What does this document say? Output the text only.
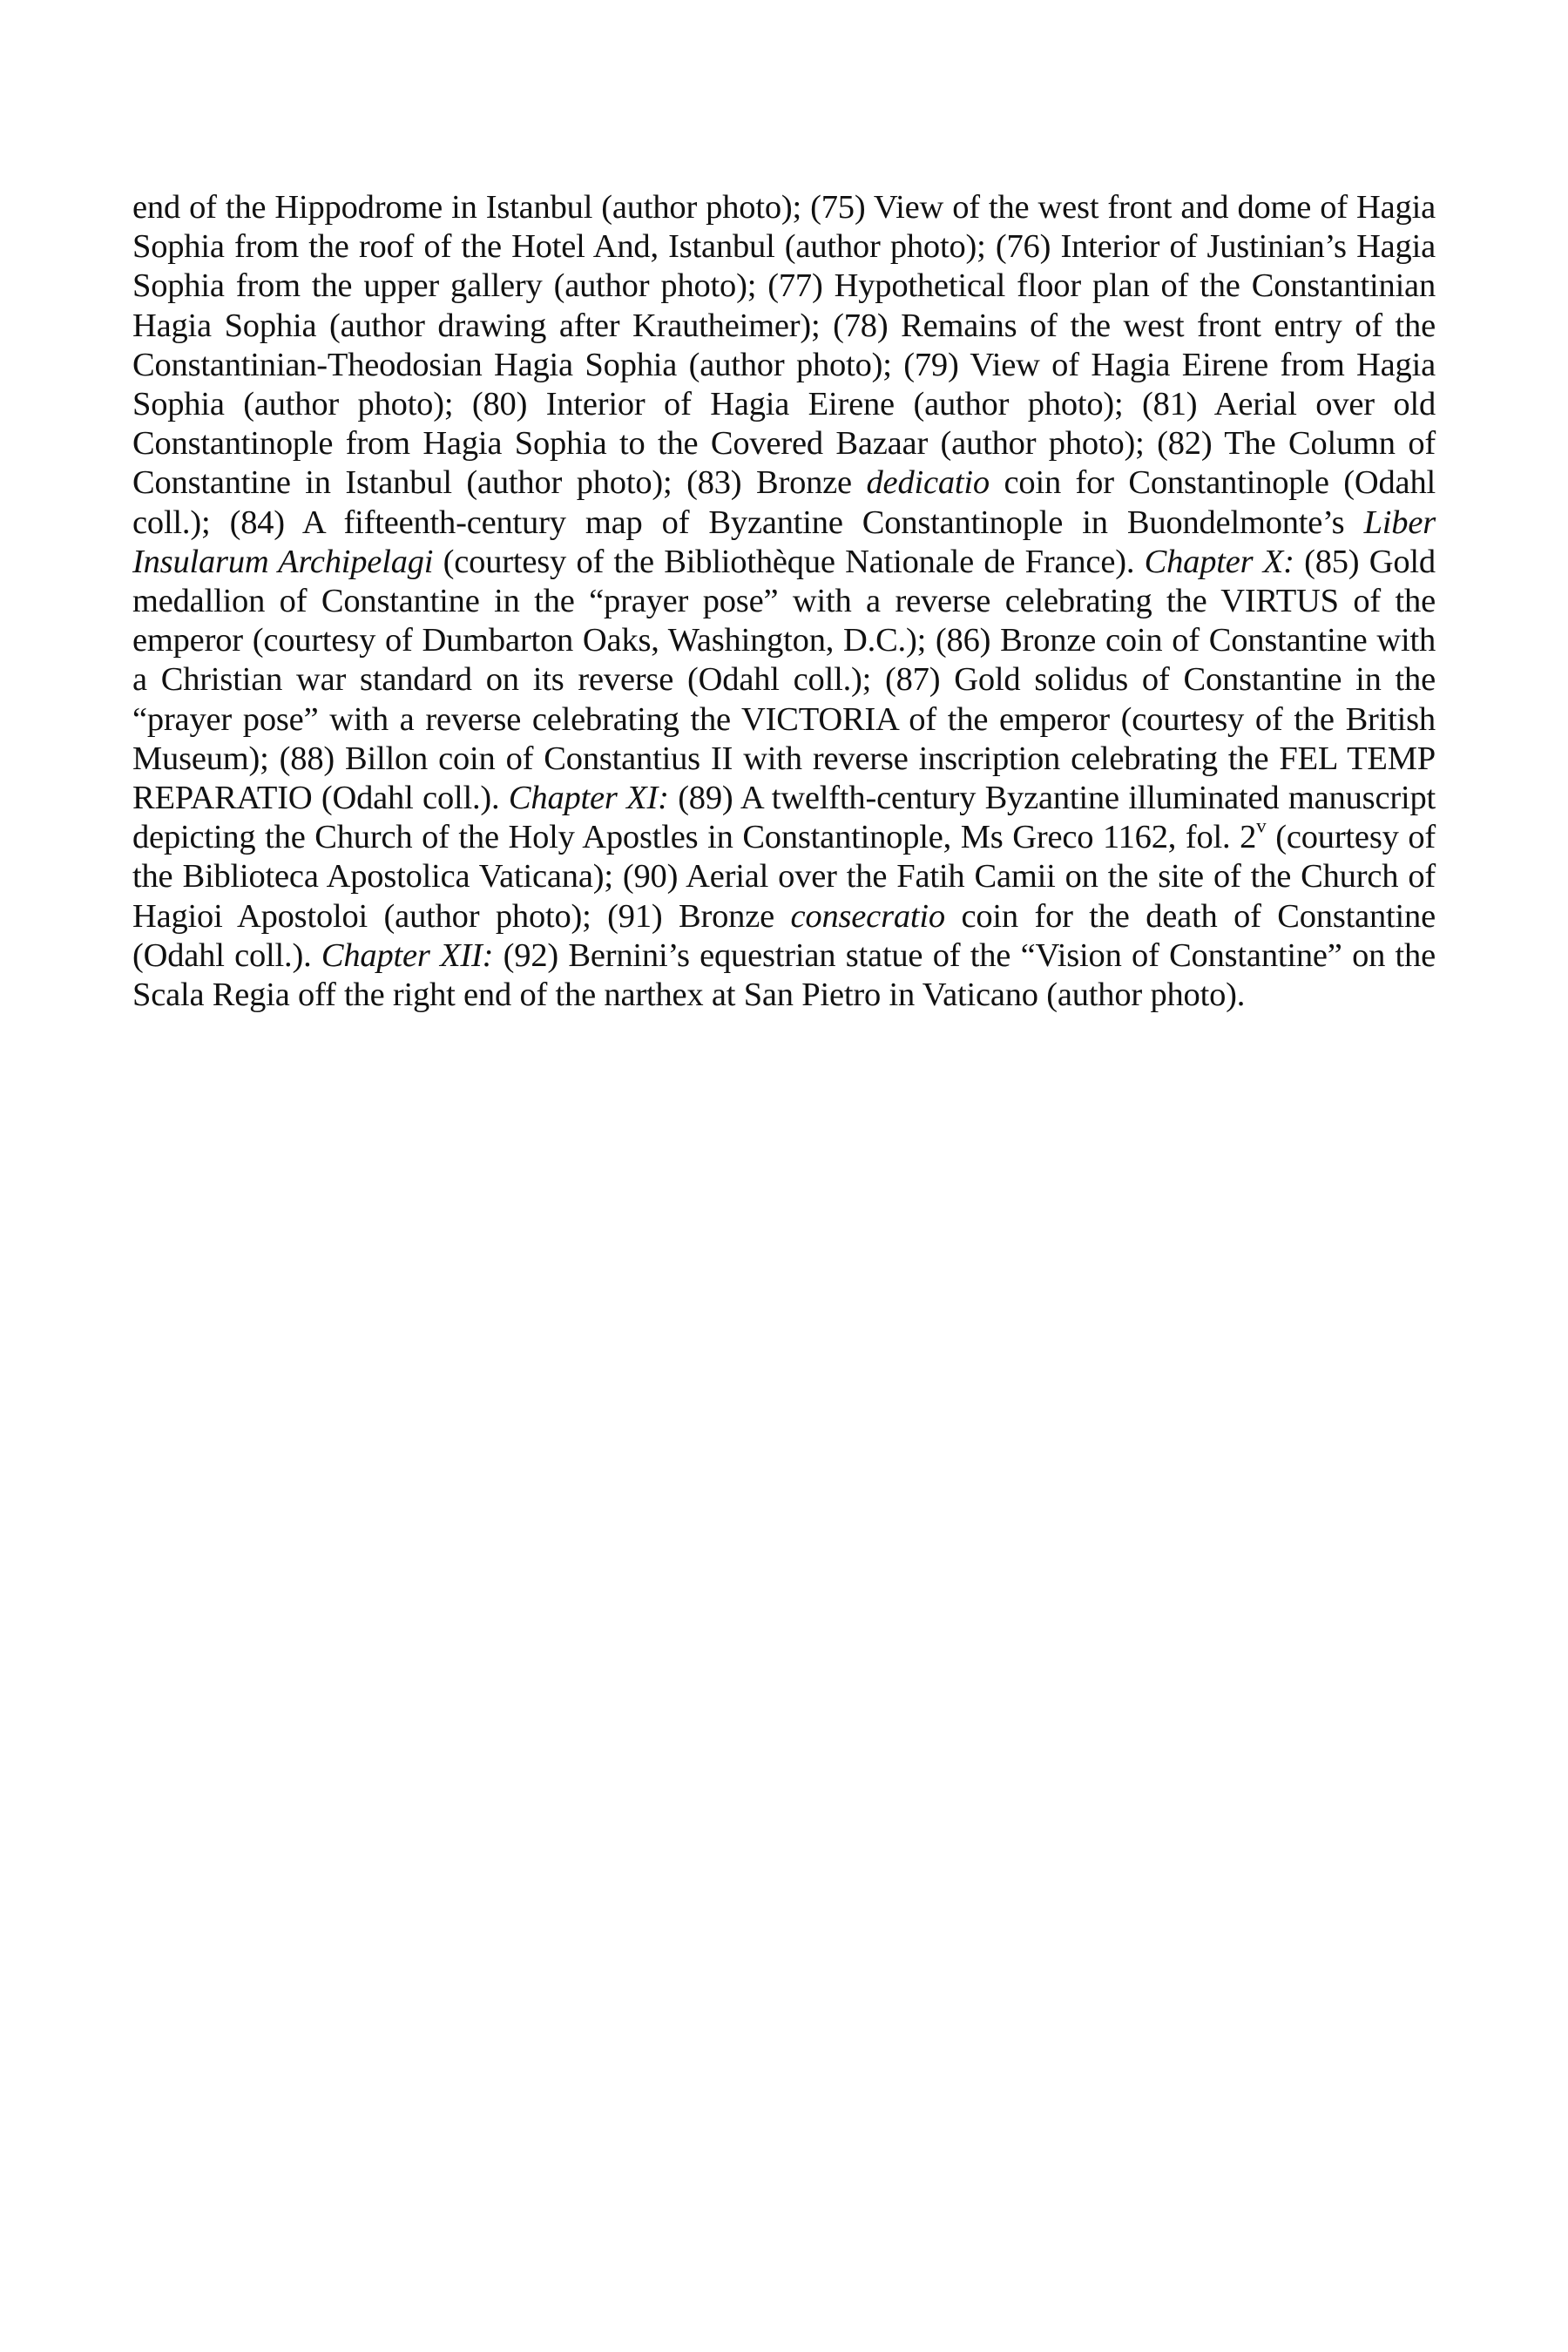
end of the Hippodrome in Istanbul (author photo); (75) View of the west front and dome of Hagia Sophia from the roof of the Hotel And, Istanbul (author photo); (76) Interior of Justinian’s Hagia Sophia from the upper gallery (author photo); (77) Hypothetical floor plan of the Constantinian Hagia Sophia (author drawing after Krautheimer); (78) Remains of the west front entry of the Constantinian-Theodosian Hagia Sophia (author photo); (79) View of Hagia Eirene from Hagia Sophia (author photo); (80) Interior of Hagia Eirene (author photo); (81) Aerial over old Constantinople from Hagia Sophia to the Covered Bazaar (author photo); (82) The Column of Constantine in Istanbul (author photo); (83) Bronze dedicatio coin for Constantinople (Odahl coll.); (84) A fifteenth-century map of Byzantine Constantinople in Buondelmonte’s Liber Insularum Archipelagi (courtesy of the Bibliothèque Nationale de France). Chapter X: (85) Gold medallion of Constantine in the “prayer pose” with a reverse celebrating the VIRTUS of the emperor (courtesy of Dumbarton Oaks, Washington, D.C.); (86) Bronze coin of Constantine with a Christian war standard on its reverse (Odahl coll.); (87) Gold solidus of Constantine in the “prayer pose” with a reverse celebrating the VICTORIA of the emperor (courtesy of the British Museum); (88) Billon coin of Constantius II with reverse inscription celebrating the FEL TEMP REPARATIO (Odahl coll.). Chapter XI: (89) A twelfth-century Byzantine illuminated manuscript depicting the Church of the Holy Apostles in Constantinople, Ms Greco 1162, fol. 2$^v$ (courtesy of the Biblioteca Apostolica Vaticana); (90) Aerial over the Fatih Camii on the site of the Church of Hagioi Apostoloi (author photo); (91) Bronze consecratio coin for the death of Constantine (Odahl coll.). Chapter XII: (92) Bernini’s equestrian statue of the “Vision of Constantine” on the Scala Regia off the right end of the narthex at San Pietro in Vaticano (author photo).
